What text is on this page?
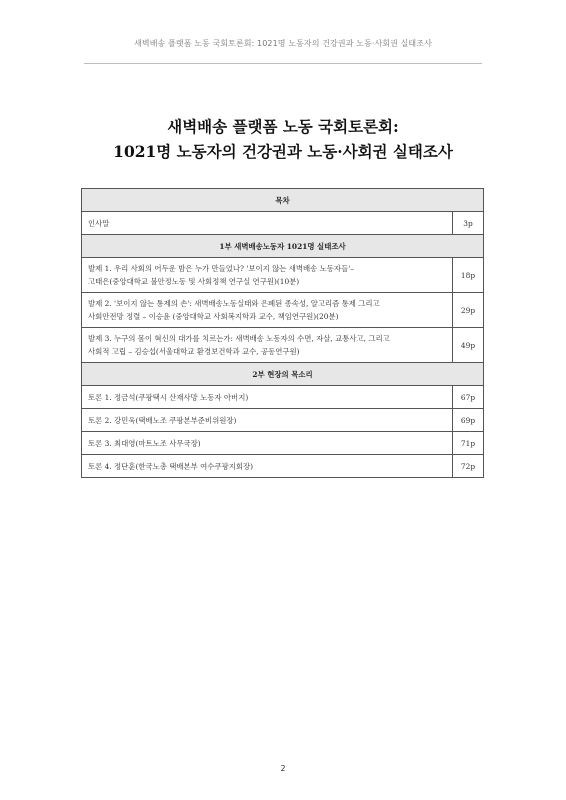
새벽배송 플랫폼 노동 국회토론회: 1021명 노동자의 건강권과 노동·사회권 실태조사
새벽배송 플랫폼 노동 국회토론회:
1021명 노동자의 건강권과 노동·사회권 실태조사
목차	
인사말	3p
1부 새벽배송노동자 1021명 실태조사	

발제 1. 우리 사회의 어두운 밤은 누가 만들었나? '보이지 않는 새벽배송 노동자들'–
고태은(중앙대학교 불안정노동 및 사회정책 연구실 연구원)(10분)	18p

발제 2. '보이지 않는 통제의 손': 새벽배송노동실태와 은폐된 종속성, 알고리즘 통제 그리고
사회안전망 정렬 – 이승윤 (중앙대학교 사회복지학과 교수, 책임연구원)(20분)	29p

발제 3. 누구의 몸이 혁신의 대가를 치르는가: 새벽배송 노동자의 수면, 자살, 교통사고, 그리고
사회적 고립 – 김승섭(서울대학교 환경보건학과 교수, 공동연구원)	49p
2부 현장의 목소리	
토론 1. 정금석(쿠팡택시 산재사망 노동자 아버지)	67p
토론 2. 강민욱(택배노조 쿠팡본부준비위원장)	69p
토론 3. 최대영(마트노조 사무국장)	71p
토론 4. 정단훈(한국노총 택배본부 여수쿠팡지회장)	72p
2
